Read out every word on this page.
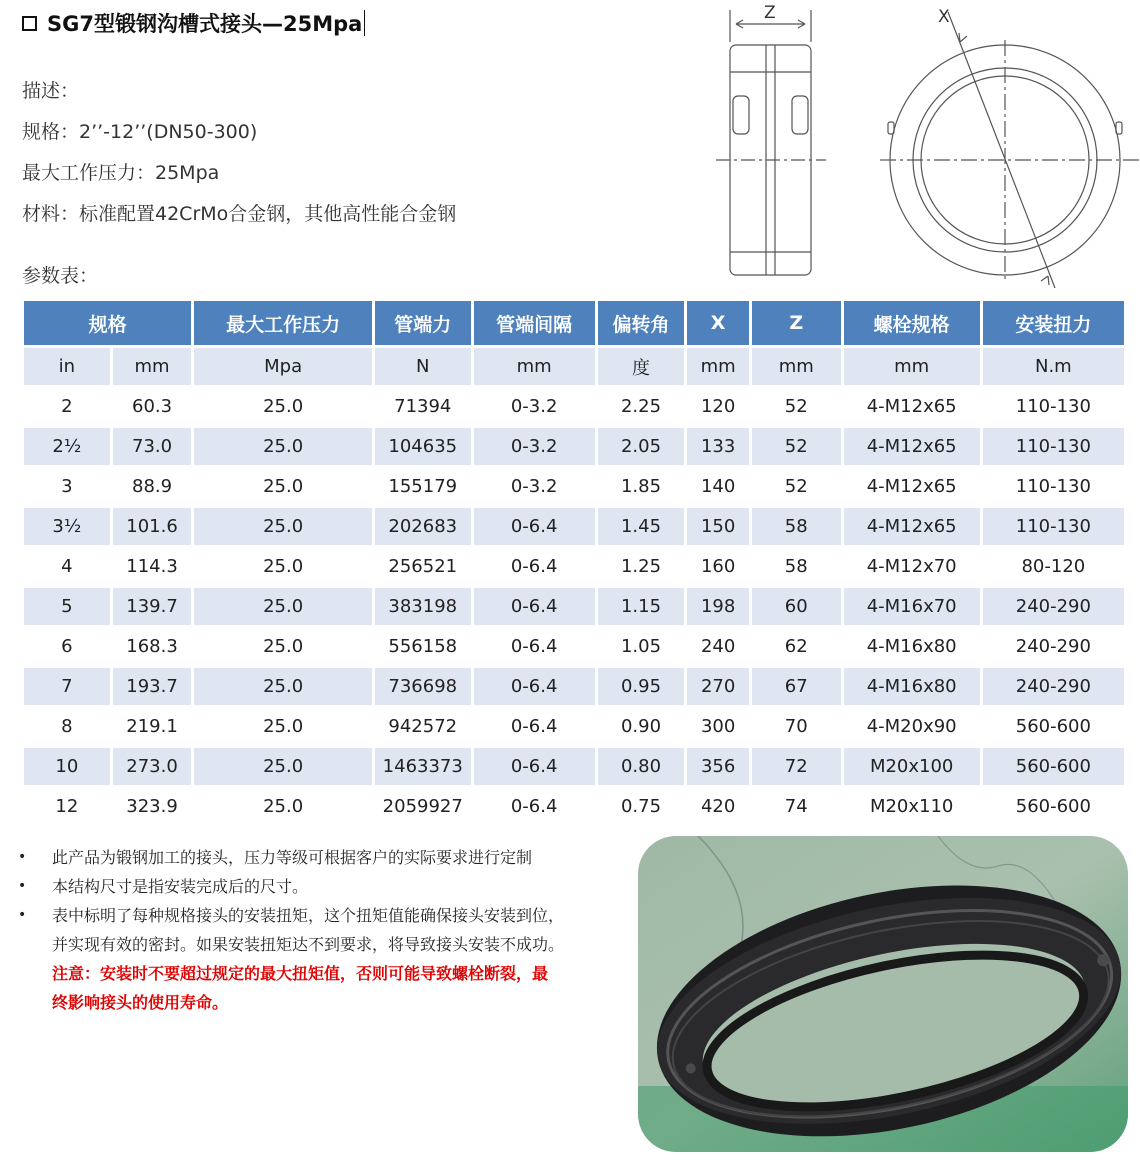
SG7型锻钢沟槽式接头—25Mpa
描述：
规格：2’’-12’’(DN50-300)
最大工作压力：25Mpa
材料：标准配置42CrMo合金钢，其他高性能合金钢
参数表：
Z	X
规格		最大工作压力	管端力	管端间隔	偏转角	X	Z	螺栓规格	安装扭力
in	mm	Mpa	N	mm	度	mm	mm	mm	N.m
2	60.3	25.0	71394	0-3.2	2.25	120	52	4-M12x65	110-130
2½	73.0	25.0	104635	0-3.2	2.05	133	52	4-M12x65	110-130
3	88.9	25.0	155179	0-3.2	1.85	140	52	4-M12x65	110-130
3½	101.6	25.0	202683	0-6.4	1.45	150	58	4-M12x65	110-130
4	114.3	25.0	256521	0-6.4	1.25	160	58	4-M12x70	80-120
5	139.7	25.0	383198	0-6.4	1.15	198	60	4-M16x70	240-290
6	168.3	25.0	556158	0-6.4	1.05	240	62	4-M16x80	240-290
7	193.7	25.0	736698	0-6.4	0.95	270	67	4-M16x80	240-290
8	219.1	25.0	942572	0-6.4	0.90	300	70	4-M20x90	560-600
10	273.0	25.0	1463373	0-6.4	0.80	356	72	M20x100	560-600
12	323.9	25.0	2059927	0-6.4	0.75	420	74	M20x110	560-600
• 此产品为锻钢加工的接头，压力等级可根据客户的实际要求进行定制
• 本结构尺寸是指安装完成后的尺寸。
• 表中标明了每种规格接头的安装扭矩，这个扭矩值能确保接头安装到位，
并实现有效的密封。如果安装扭矩达不到要求，将导致接头安装不成功。
注意：安装时不要超过规定的最大扭矩值，否则可能导致螺栓断裂，最
终影响接头的使用寿命。
